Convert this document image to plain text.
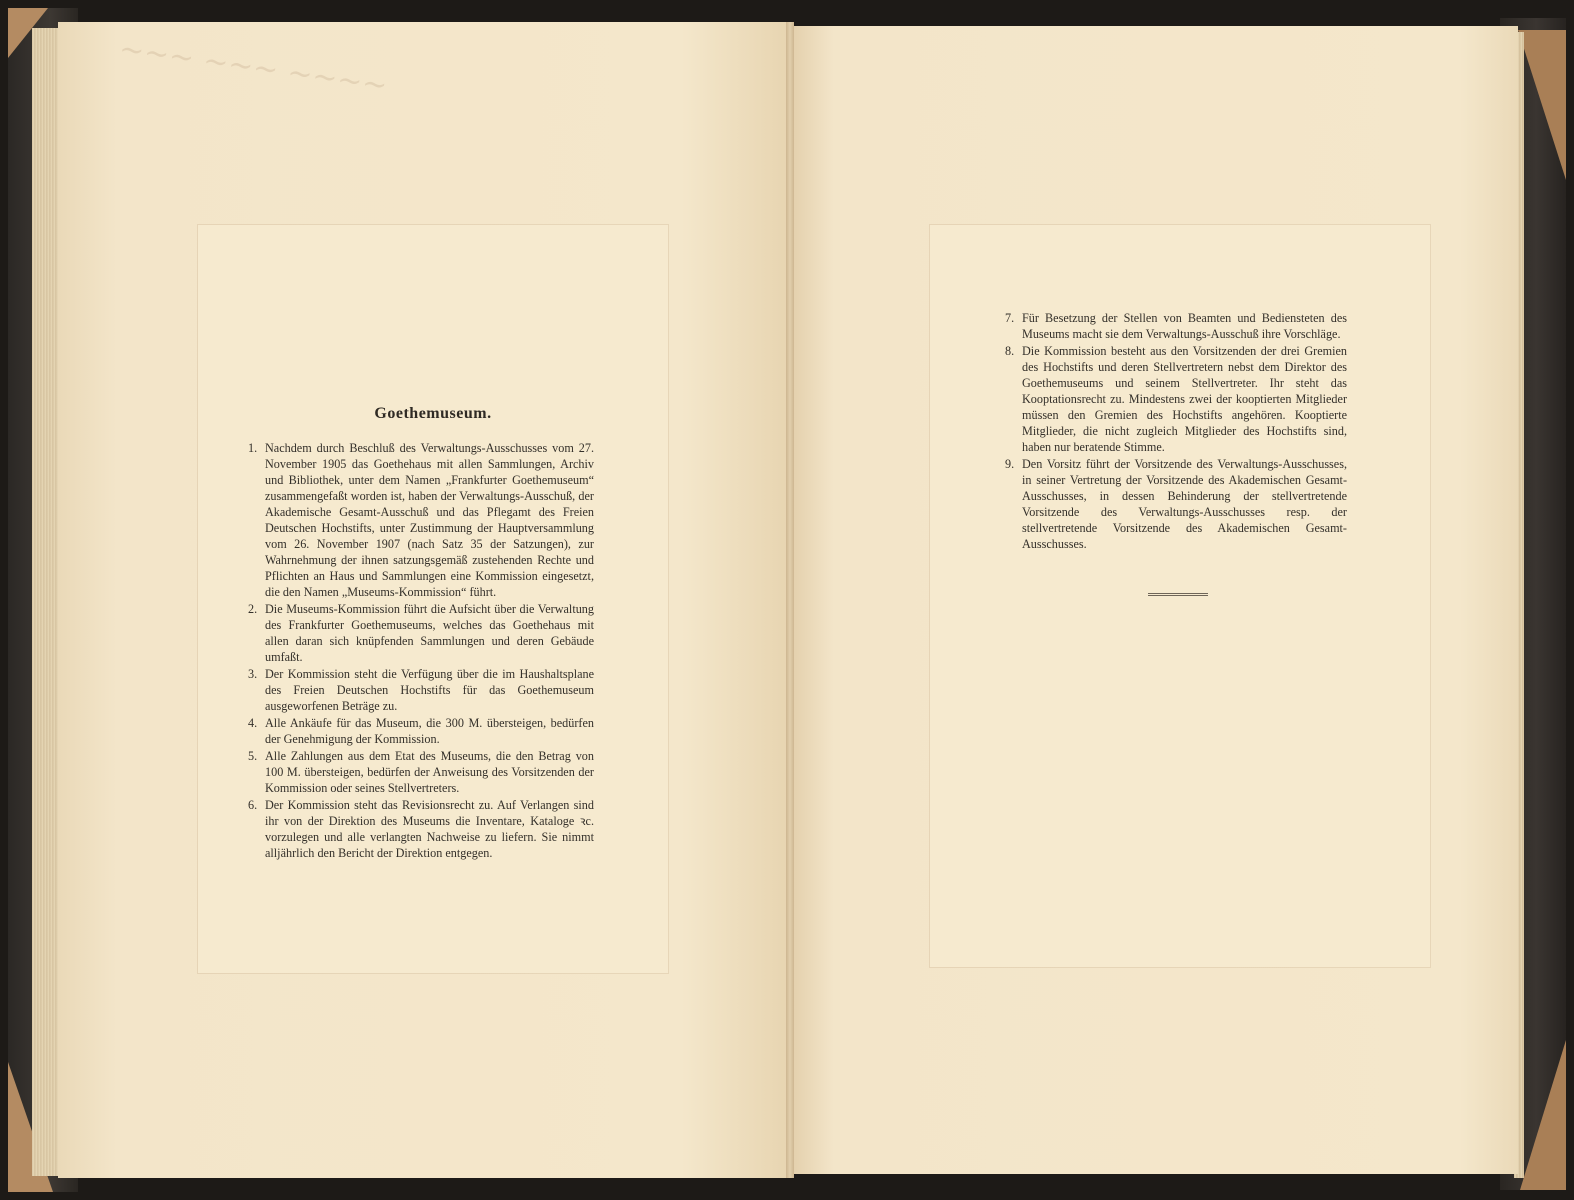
~~~ ~~~ ~~~~
Goethemuseum.
1. Nachdem durch Beschluß des Verwaltungs-Ausschusses vom 27. November 1905 das Goethehaus mit allen Sammlungen, Archiv und Bibliothek, unter dem Namen „Frankfurter Goethemuseum“ zusammengefaßt worden ist, haben der Verwaltungs-Ausschuß, der Akademische Gesamt-Ausschuß und das Pflegamt des Freien Deutschen Hochstifts, unter Zustimmung der Hauptversammlung vom 26. November 1907 (nach Satz 35 der Satzungen), zur Wahrnehmung der ihnen satzungsgemäß zustehenden Rechte und Pflichten an Haus und Sammlungen eine Kommission eingesetzt, die den Namen „Museums-Kommission“ führt.
2. Die Museums-Kommission führt die Aufsicht über die Verwaltung des Frankfurter Goethemuseums, welches das Goethehaus mit allen daran sich knüpfenden Sammlungen und deren Gebäude umfaßt.
3. Der Kommission steht die Verfügung über die im Haushaltsplane des Freien Deutschen Hochstifts für das Goethemuseum ausgeworfenen Beträge zu.
4. Alle Ankäufe für das Museum, die 300 M. übersteigen, bedürfen der Genehmigung der Kommission.
5. Alle Zahlungen aus dem Etat des Museums, die den Betrag von 100 M. übersteigen, bedürfen der Anweisung des Vorsitzenden der Kommission oder seines Stellvertreters.
6. Der Kommission steht das Revisionsrecht zu. Auf Verlangen sind ihr von der Direktion des Museums die Inventare, Kataloge ꝛc. vorzulegen und alle verlangten Nachweise zu liefern. Sie nimmt alljährlich den Bericht der Direktion entgegen.
7. Für Besetzung der Stellen von Beamten und Bediensteten des Museums macht sie dem Verwaltungs-Ausschuß ihre Vorschläge.
8. Die Kommission besteht aus den Vorsitzenden der drei Gremien des Hochstifts und deren Stellvertretern nebst dem Direktor des Goethemuseums und seinem Stellvertreter. Ihr steht das Kooptationsrecht zu. Mindestens zwei der kooptierten Mitglieder müssen den Gremien des Hochstifts angehören. Kooptierte Mitglieder, die nicht zugleich Mitglieder des Hochstifts sind, haben nur beratende Stimme.
9. Den Vorsitz führt der Vorsitzende des Verwaltungs-Ausschusses, in seiner Vertretung der Vorsitzende des Akademischen Gesamt-Ausschusses, in dessen Behinderung der stellvertretende Vorsitzende des Verwaltungs-Ausschusses resp. der stellvertretende Vorsitzende des Akademischen Gesamt-Ausschusses.
